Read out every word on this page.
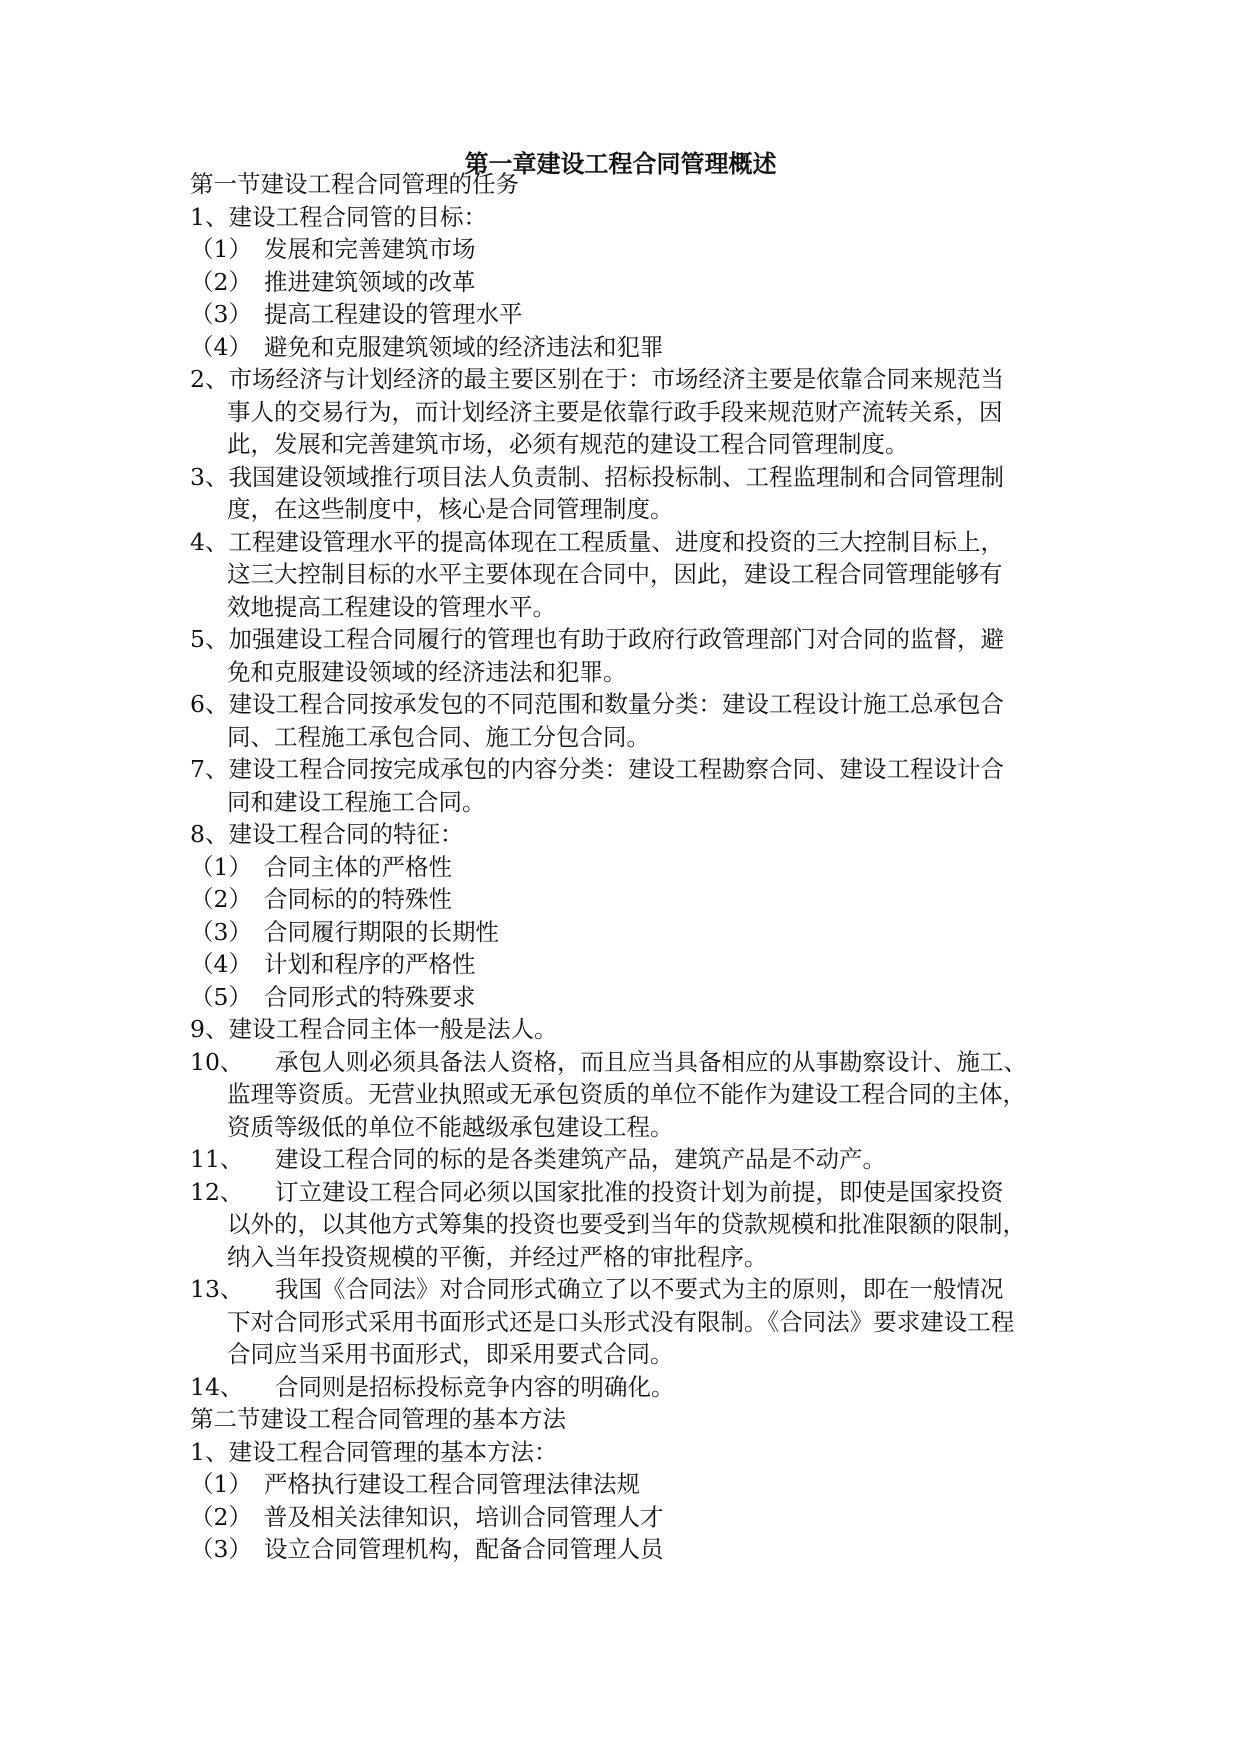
第一章建设工程合同管理概述
第一节建设工程合同管理的任务
1、建设工程合同管的目标：
（1） 发展和完善建筑市场
（2） 推进建筑领域的改革
（3） 提高工程建设的管理水平
（4） 避免和克服建筑领域的经济违法和犯罪
2、市场经济与计划经济的最主要区别在于：市场经济主要是依靠合同来规范当
事人的交易行为，而计划经济主要是依靠行政手段来规范财产流转关系，因
此，发展和完善建筑市场，必须有规范的建设工程合同管理制度。
3、我国建设领域推行项目法人负责制、招标投标制、工程监理制和合同管理制
度，在这些制度中，核心是合同管理制度。
4、工程建设管理水平的提高体现在工程质量、进度和投资的三大控制目标上，
这三大控制目标的水平主要体现在合同中，因此，建设工程合同管理能够有
效地提高工程建设的管理水平。
5、加强建设工程合同履行的管理也有助于政府行政管理部门对合同的监督，避
免和克服建设领域的经济违法和犯罪。
6、建设工程合同按承发包的不同范围和数量分类：建设工程设计施工总承包合
同、工程施工承包合同、施工分包合同。
7、建设工程合同按完成承包的内容分类：建设工程勘察合同、建设工程设计合
同和建设工程施工合同。
8、建设工程合同的特征：
（1） 合同主体的严格性
（2） 合同标的的特殊性
（3） 合同履行期限的长期性
（4） 计划和程序的严格性
（5） 合同形式的特殊要求
9、建设工程合同主体一般是法人。
10、 承包人则必须具备法人资格，而且应当具备相应的从事勘察设计、施工、
监理等资质。无营业执照或无承包资质的单位不能作为建设工程合同的主体，
资质等级低的单位不能越级承包建设工程。
11、 建设工程合同的标的是各类建筑产品，建筑产品是不动产。
12、 订立建设工程合同必须以国家批准的投资计划为前提，即使是国家投资
以外的，以其他方式筹集的投资也要受到当年的贷款规模和批准限额的限制，
纳入当年投资规模的平衡，并经过严格的审批程序。
13、 我国《合同法》对合同形式确立了以不要式为主的原则，即在一般情况
下对合同形式采用书面形式还是口头形式没有限制。《合同法》要求建设工程
合同应当采用书面形式，即采用要式合同。
14、 合同则是招标投标竞争内容的明确化。
第二节建设工程合同管理的基本方法
1、建设工程合同管理的基本方法：
（1） 严格执行建设工程合同管理法律法规
（2） 普及相关法律知识，培训合同管理人才
（3） 设立合同管理机构，配备合同管理人员
